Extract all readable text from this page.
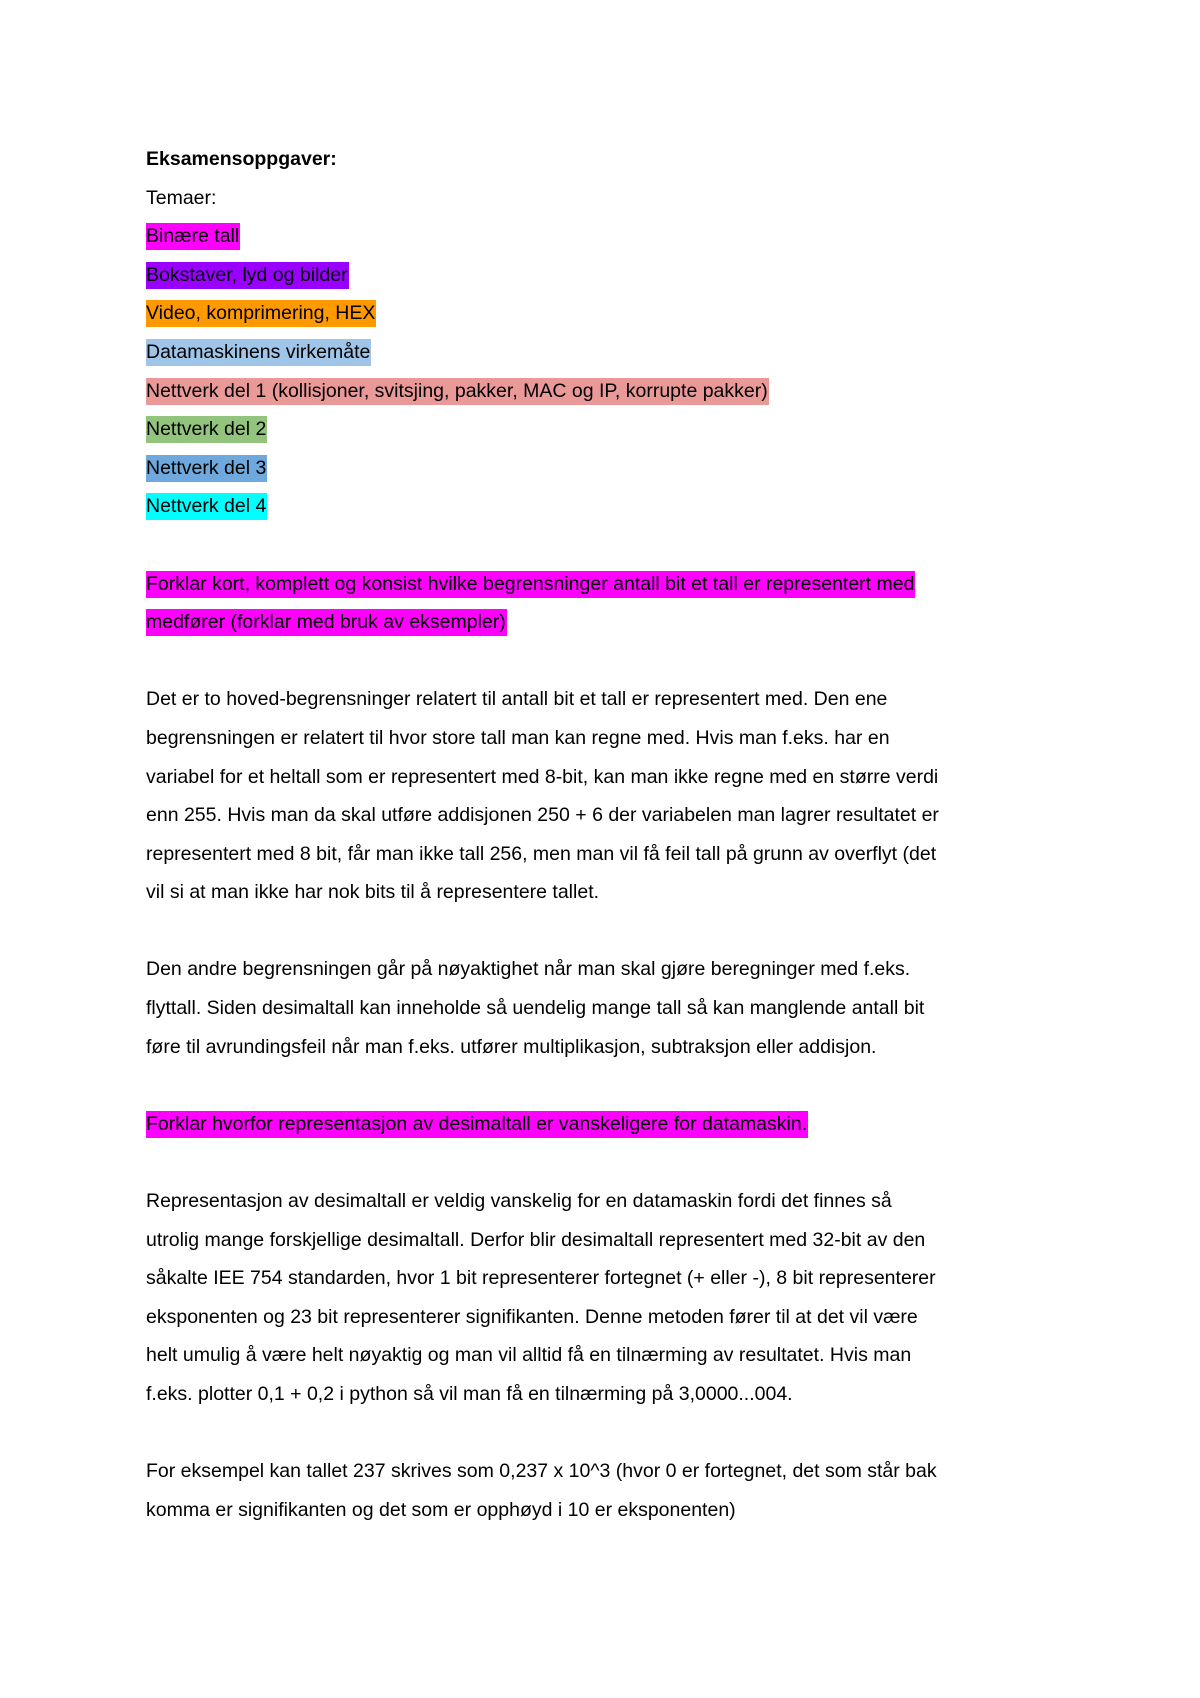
Eksamensoppgaver:
Temaer:
Binære tall
Bokstaver, lyd og bilder
Video, komprimering, HEX
Datamaskinens virkemåte
Nettverk del 1 (kollisjoner, svitsjing, pakker, MAC og IP, korrupte pakker)
Nettverk del 2
Nettverk del 3
Nettverk del 4
Forklar kort, komplett og konsist hvilke begrensninger antall bit et tall er representert med
medfører (forklar med bruk av eksempler)
Det er to hoved-begrensninger relatert til antall bit et tall er representert med. Den ene
begrensningen er relatert til hvor store tall man kan regne med. Hvis man f.eks. har en
variabel for et heltall som er representert med 8-bit, kan man ikke regne med en større verdi
enn 255. Hvis man da skal utføre addisjonen 250 + 6 der variabelen man lagrer resultatet er
representert med 8 bit, får man ikke tall 256, men man vil få feil tall på grunn av overflyt (det
vil si at man ikke har nok bits til å representere tallet.
Den andre begrensningen går på nøyaktighet når man skal gjøre beregninger med f.eks.
flyttall. Siden desimaltall kan inneholde så uendelig mange tall så kan manglende antall bit
føre til avrundingsfeil når man f.eks. utfører multiplikasjon, subtraksjon eller addisjon.
Forklar hvorfor representasjon av desimaltall er vanskeligere for datamaskin.
Representasjon av desimaltall er veldig vanskelig for en datamaskin fordi det finnes så
utrolig mange forskjellige desimaltall. Derfor blir desimaltall representert med 32-bit av den
såkalte IEE 754 standarden, hvor 1 bit representerer fortegnet (+ eller -), 8 bit representerer
eksponenten og 23 bit representerer signifikanten. Denne metoden fører til at det vil være
helt umulig å være helt nøyaktig og man vil alltid få en tilnærming av resultatet. Hvis man
f.eks. plotter 0,1 + 0,2 i python så vil man få en tilnærming på 3,0000...004.
For eksempel kan tallet 237 skrives som 0,237 x 10^3 (hvor 0 er fortegnet, det som står bak
komma er signifikanten og det som er opphøyd i 10 er eksponenten)
